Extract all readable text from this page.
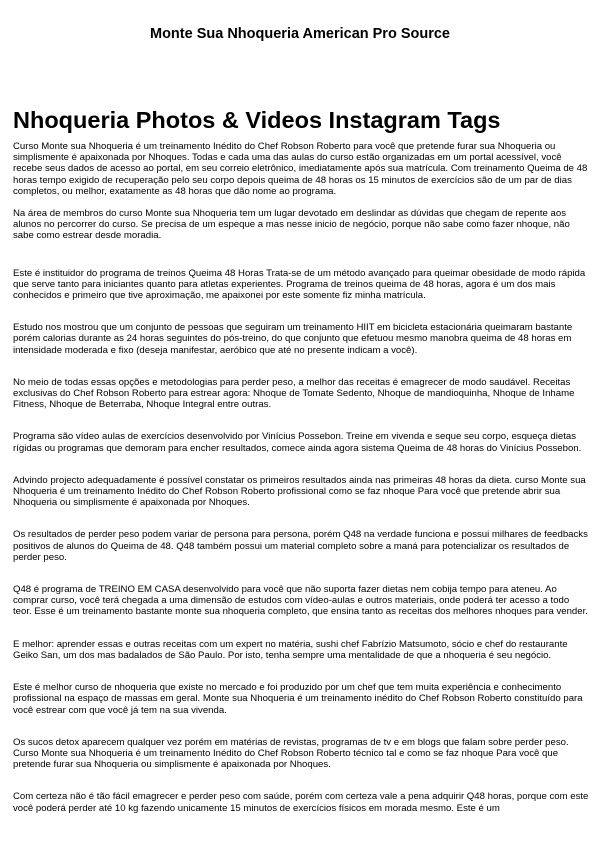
Monte Sua Nhoqueria American Pro Source
Nhoqueria Photos & Videos Instagram Tags

Curso Monte sua Nhoqueria é um treinamento Inédito do Chef Robson Roberto para você que pretende furar sua Nhoqueria ou simplismente é apaixonada por Nhoques. Todas e cada uma das aulas do curso estão organizadas em um portal acessível, você recebe seus dados de acesso ao portal, em seu correio eletrônico, imediatamente após sua matrícula. Com treinamento Queima de 48 horas tempo exigido de recuperação pelo seu corpo depois queima de 48 horas os 15 minutos de exercícios são de um par de dias completos, ou melhor, exatamente as 48 horas que dão nome ao programa.

Na área de membros do curso Monte sua Nhoqueria tem um lugar devotado em deslindar as dúvidas que chegam de repente aos alunos no percorrer do curso. Se precisa de um espeque a mas nesse inicio de negócio, porque não sabe como fazer nhoque, não sabe como estrear desde moradia.

Este é instituidor do programa de treinos Queima 48 Horas Trata-se de um método avançado para queimar obesidade de modo rápida que serve tanto para iniciantes quanto para atletas experientes. Programa de treinos queima de 48 horas, agora é um dos mais conhecidos e primeiro que tive aproximação, me apaixonei por este somente fiz minha matrícula.

Estudo nos mostrou que um conjunto de pessoas que seguiram um treinamento HIIT em bicicleta estacionária queimaram bastante porém calorias durante as 24 horas seguintes do pós-treino, do que conjunto que efetuou mesmo manobra queima de 48 horas em intensidade moderada e fixo (deseja manifestar, aeróbico que até no presente indicam a você).

No meio de todas essas opções e metodologias para perder peso, a melhor das receitas é emagrecer de modo saudável. Receitas exclusivas do Chef Robson Roberto para estrear agora: Nhoque de Tomate Sedento, Nhoque de mandioquinha, Nhoque de Inhame Fitness, Nhoque de Beterraba, Nhoque Integral entre outras.

Programa são vídeo aulas de exercícios desenvolvido por Vinícius Possebon. Treine em vivenda e seque seu corpo, esqueça dietas rígidas ou programas que demoram para encher resultados, comece ainda agora sistema Queima de 48 horas do Vinícius Possebon.

Advindo projecto adequadamente é possível constatar os primeiros resultados ainda nas primeiras 48 horas da dieta. curso Monte sua Nhoqueria é um treinamento Inédito do Chef Robson Roberto profissional como se faz nhoque Para você que pretende abrir sua Nhoqueria ou simplismente é apaixonada por Nhoques.

Os resultados de perder peso podem variar de persona para persona, porém Q48 na verdade funciona e possui milhares de feedbacks positivos de alunos do Queima de 48. Q48 também possui um material completo sobre a maná para potencializar os resultados de perder peso.

Q48 é programa de TREINO EM CASA desenvolvido para você que não suporta fazer dietas nem cobija tempo para ateneu. Ao comprar curso, você terá chegada a uma dimensão de estudos com vídeo-aulas e outros materiais, onde poderá ter acesso a todo teor. Esse é um treinamento bastante monte sua nhoqueria completo, que ensina tanto as receitas dos melhores nhoques para vender.

E melhor: aprender essas e outras receitas com um expert no matéria, sushi chef Fabrízio Matsumoto, sócio e chef do restaurante Geiko San, um dos mas badalados de São Paulo. Por isto, tenha sempre uma mentalidade de que a nhoqueria é seu negócio.

Este é melhor curso de nhoqueria que existe no mercado e foi produzido por um chef que tem muita experiência e conhecimento profissional na espaço de massas em geral. Monte sua Nhoqueria é um treinamento inédito do Chef Robson Roberto constituído para você estrear com que você já tem na sua vivenda.

Os sucos detox aparecem qualquer vez porém em matérias de revistas, programas de tv e em blogs que falam sobre perder peso. Curso Monte sua Nhoqueria é um treinamento Inédito do Chef Robson Roberto técnico tal e como se faz nhoque Para você que pretende furar sua Nhoqueria ou simplismente é apaixonada por Nhoques.

Com certeza não é tão fácil emagrecer e perder peso com saúde, porém com certeza vale a pena adquirir Q48 horas, porque com este você poderá perder até 10 kg fazendo unicamente 15 minutos de exercícios físicos em morada mesmo. Este é um
